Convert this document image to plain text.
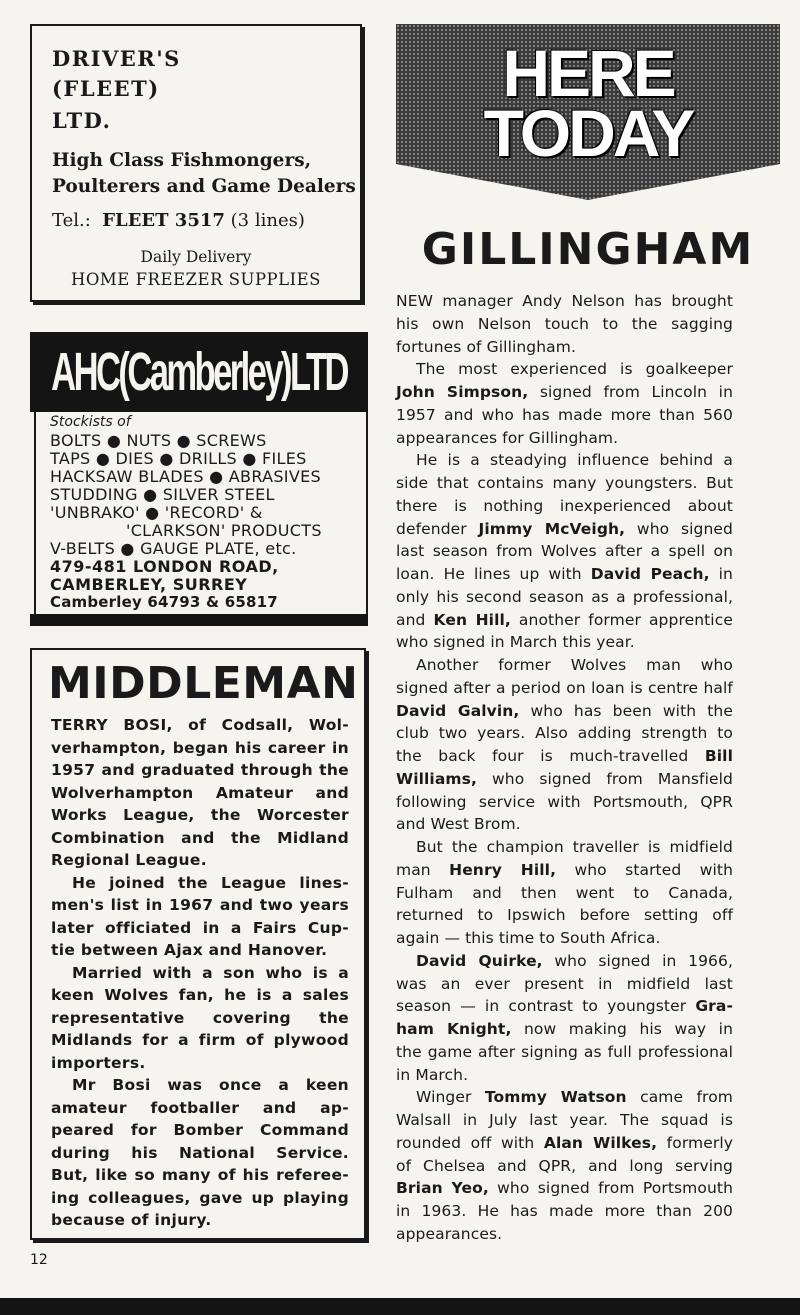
DRIVER'S
(FLEET)
LTD.
High Class Fishmongers,
Poulterers and Game Dealers
Tel.: FLEET 3517 (3 lines)
Daily Delivery
HOME FREEZER SUPPLIES
AHC(Camberley)LTD
Stockists of
BOLTS ● NUTS ● SCREWS
TAPS ● DIES ● DRILLS ● FILES
HACKSAW BLADES ● ABRASIVES
STUDDING ● SILVER STEEL
'UNBRAKO' ● 'RECORD' &
'CLARKSON' PRODUCTS
V-BELTS ● GAUGE PLATE, etc.
479-481 LONDON ROAD,
CAMBERLEY, SURREY
Camberley 64793 & 65817
MIDDLE MAN
TERRY BOSI, of Codsall, Wol-
verhampton, began his career in
1957 and graduated through the
Wolverhampton Amateur and
Works League, the Worcester
Combination and the Midland
Regional League.
He joined the League lines-
men's list in 1967 and two years
later officiated in a Fairs Cup-
tie between Ajax and Hanover.
Married with a son who is a
keen Wolves fan, he is a sales
representative covering the
Midlands for a firm of plywood
importers.
Mr Bosi was once a keen
amateur footballer and ap-
peared for Bomber Command
during his National Service.
But, like so many of his referee-
ing colleagues, gave up playing
because of injury.
HERE
TODAY
GILLINGHAM
NEW manager Andy Nelson has brought
his own Nelson touch to the sagging
fortunes of Gillingham.
The most experienced is goalkeeper
John Simpson, signed from Lincoln in
1957 and who has made more than 560
appearances for Gillingham.
He is a steadying influence behind a
side that contains many youngsters. But
there is nothing inexperienced about
defender Jimmy McVeigh, who signed
last season from Wolves after a spell on
loan. He lines up with David Peach, in
only his second season as a professional,
and Ken Hill, another former apprentice
who signed in March this year.
Another former Wolves man who
signed after a period on loan is centre half
David Galvin, who has been with the
club two years. Also adding strength to
the back four is much-travelled Bill
Williams, who signed from Mansfield
following service with Portsmouth, QPR
and West Brom.
But the champion traveller is midfield
man Henry Hill, who started with
Fulham and then went to Canada,
returned to Ipswich before setting off
again — this time to South Africa.
David Quirke, who signed in 1966,
was an ever present in midfield last
season — in contrast to youngster Gra-
ham Knight, now making his way in
the game after signing as full professional
in March.
Winger Tommy Watson came from
Walsall in July last year. The squad is
rounded off with Alan Wilkes, formerly
of Chelsea and QPR, and long serving
Brian Yeo, who signed from Portsmouth
in 1963. He has made more than 200
appearances.
12
